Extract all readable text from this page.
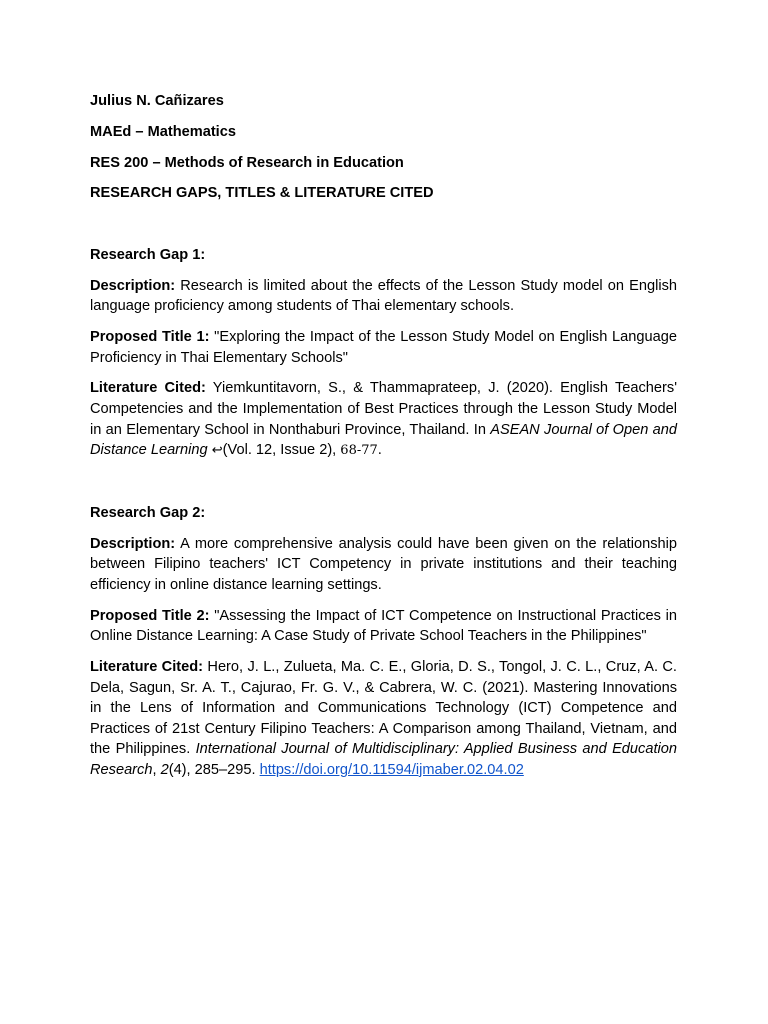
Julius N. Cañizares
MAEd – Mathematics
RES 200 – Methods of Research in Education
RESEARCH GAPS, TITLES & LITERATURE CITED
Research Gap 1:

Description: Research is limited about the effects of the Lesson Study model on English language proficiency among students of Thai elementary schools.

Proposed Title 1: "Exploring the Impact of the Lesson Study Model on English Language Proficiency in Thai Elementary Schools"

Literature Cited: Yiemkuntitavorn, S., & Thammaprateep, J. (2020). English Teachers' Competencies and the Implementation of Best Practices through the Lesson Study Model in an Elementary School in Nonthaburi Province, Thailand. In ASEAN Journal of Open and Distance Learning ↩(Vol. 12, Issue 2), 68-77.

Research Gap 2:

Description: A more comprehensive analysis could have been given on the relationship between Filipino teachers' ICT Competency in private institutions and their teaching efficiency in online distance learning settings.

Proposed Title 2: "Assessing the Impact of ICT Competence on Instructional Practices in Online Distance Learning: A Case Study of Private School Teachers in the Philippines"

Literature Cited: Hero, J. L., Zulueta, Ma. C. E., Gloria, D. S., Tongol, J. C. L., Cruz, A. C. Dela, Sagun, Sr. A. T., Cajurao, Fr. G. V., & Cabrera, W. C. (2021). Mastering Innovations in the Lens of Information and Communications Technology (ICT) Competence and Practices of 21st Century Filipino Teachers: A Comparison among Thailand, Vietnam, and the Philippines. International Journal of Multidisciplinary: Applied Business and Education Research, 2(4), 285–295. https://doi.org/10.11594/ijmaber.02.04.02
